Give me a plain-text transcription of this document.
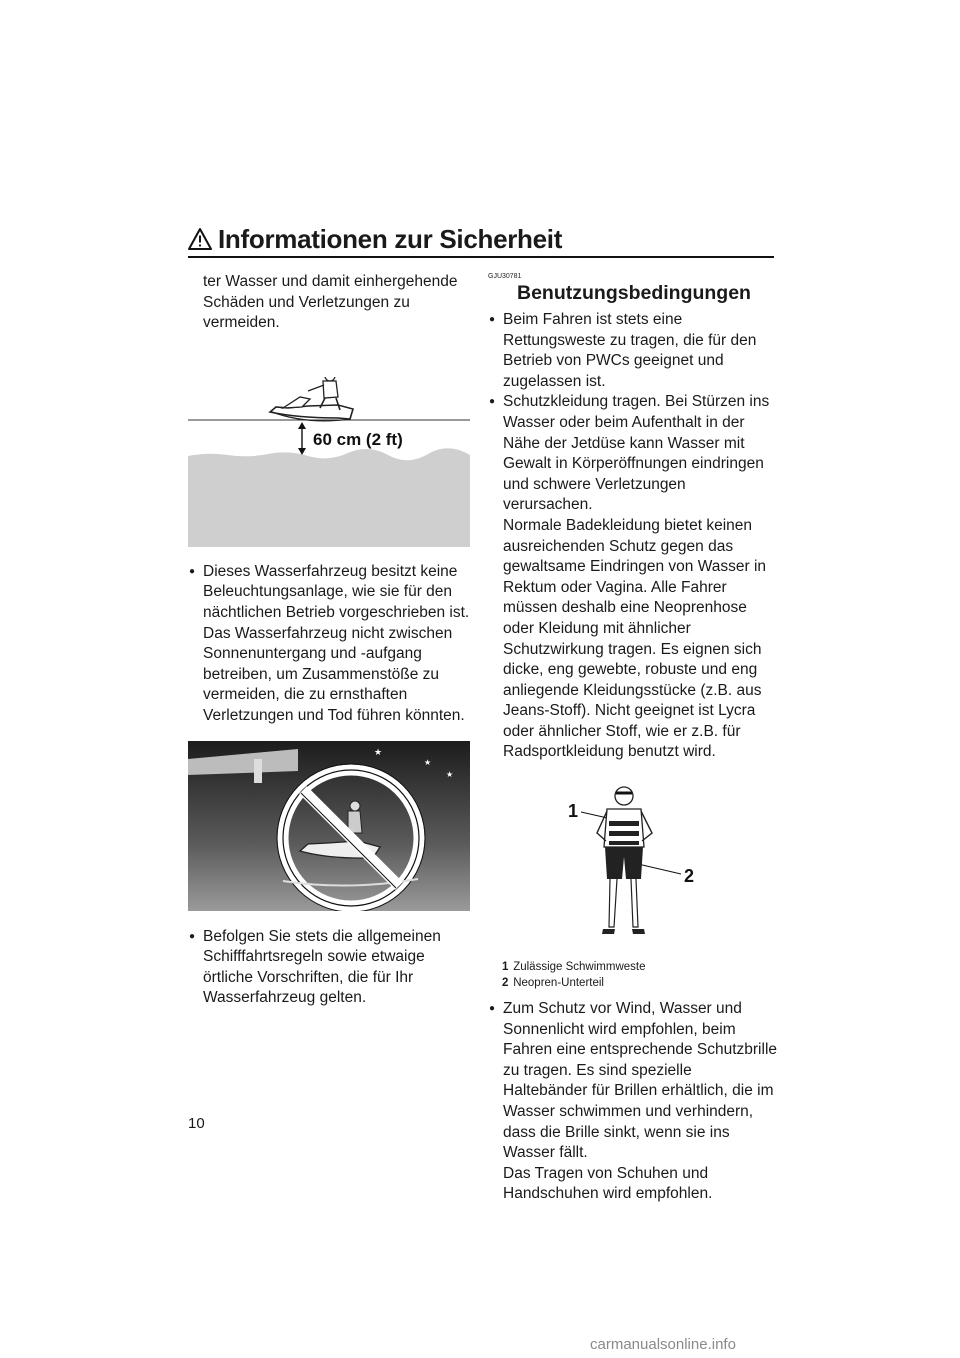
Informationen zur Sicherheit

ter Wasser und damit einhergehende Schäden und Verletzungen zu vermeiden.

60 cm (2 ft)
● Dieses Wasserfahrzeug besitzt keine Beleuchtungsanlage, wie sie für den nächtlichen Betrieb vorgeschrieben ist. Das Wasserfahrzeug nicht zwischen Sonnenuntergang und -aufgang betreiben, um Zusammenstöße zu vermeiden, die zu ernsthaften Verletzungen und Tod führen könnten.
★
★
★
● Befolgen Sie stets die allgemeinen Schifffahrtsregeln sowie etwaige örtliche Vorschriften, die für Ihr Wasserfahrzeug gelten.
GJU30781
Benutzungsbedingungen
● Beim Fahren ist stets eine Rettungsweste zu tragen, die für den Betrieb von PWCs geeignet und zugelassen ist.
● Schutzkleidung tragen. Bei Stürzen ins Wasser oder beim Aufenthalt in der Nähe der Jetdüse kann Wasser mit Gewalt in Körperöffnungen eindringen und schwere Verletzungen verursachen.
Normale Badekleidung bietet keinen ausreichenden Schutz gegen das gewaltsame Eindringen von Wasser in Rektum oder Vagina. Alle Fahrer müssen deshalb eine Neoprenhose oder Kleidung mit ähnlicher Schutzwirkung tragen. Es eignen sich dicke, eng gewebte, robuste und eng anliegende Kleidungsstücke (z.B. aus Jeans-Stoff). Nicht geeignet ist Lycra oder ähnlicher Stoff, wie er z.B. für Radsportkleidung benutzt wird.
1
2
1 Zulässige Schwimmweste
2 Neopren-Unterteil
● Zum Schutz vor Wind, Wasser und Sonnenlicht wird empfohlen, beim Fahren eine entsprechende Schutzbrille zu tragen. Es sind spezielle Haltebänder für Brillen erhältlich, die im Wasser schwimmen und verhindern, dass die Brille sinkt, wenn sie ins Wasser fällt.
Das Tragen von Schuhen und Handschuhen wird empfohlen.
10
carmanualsonline.info
